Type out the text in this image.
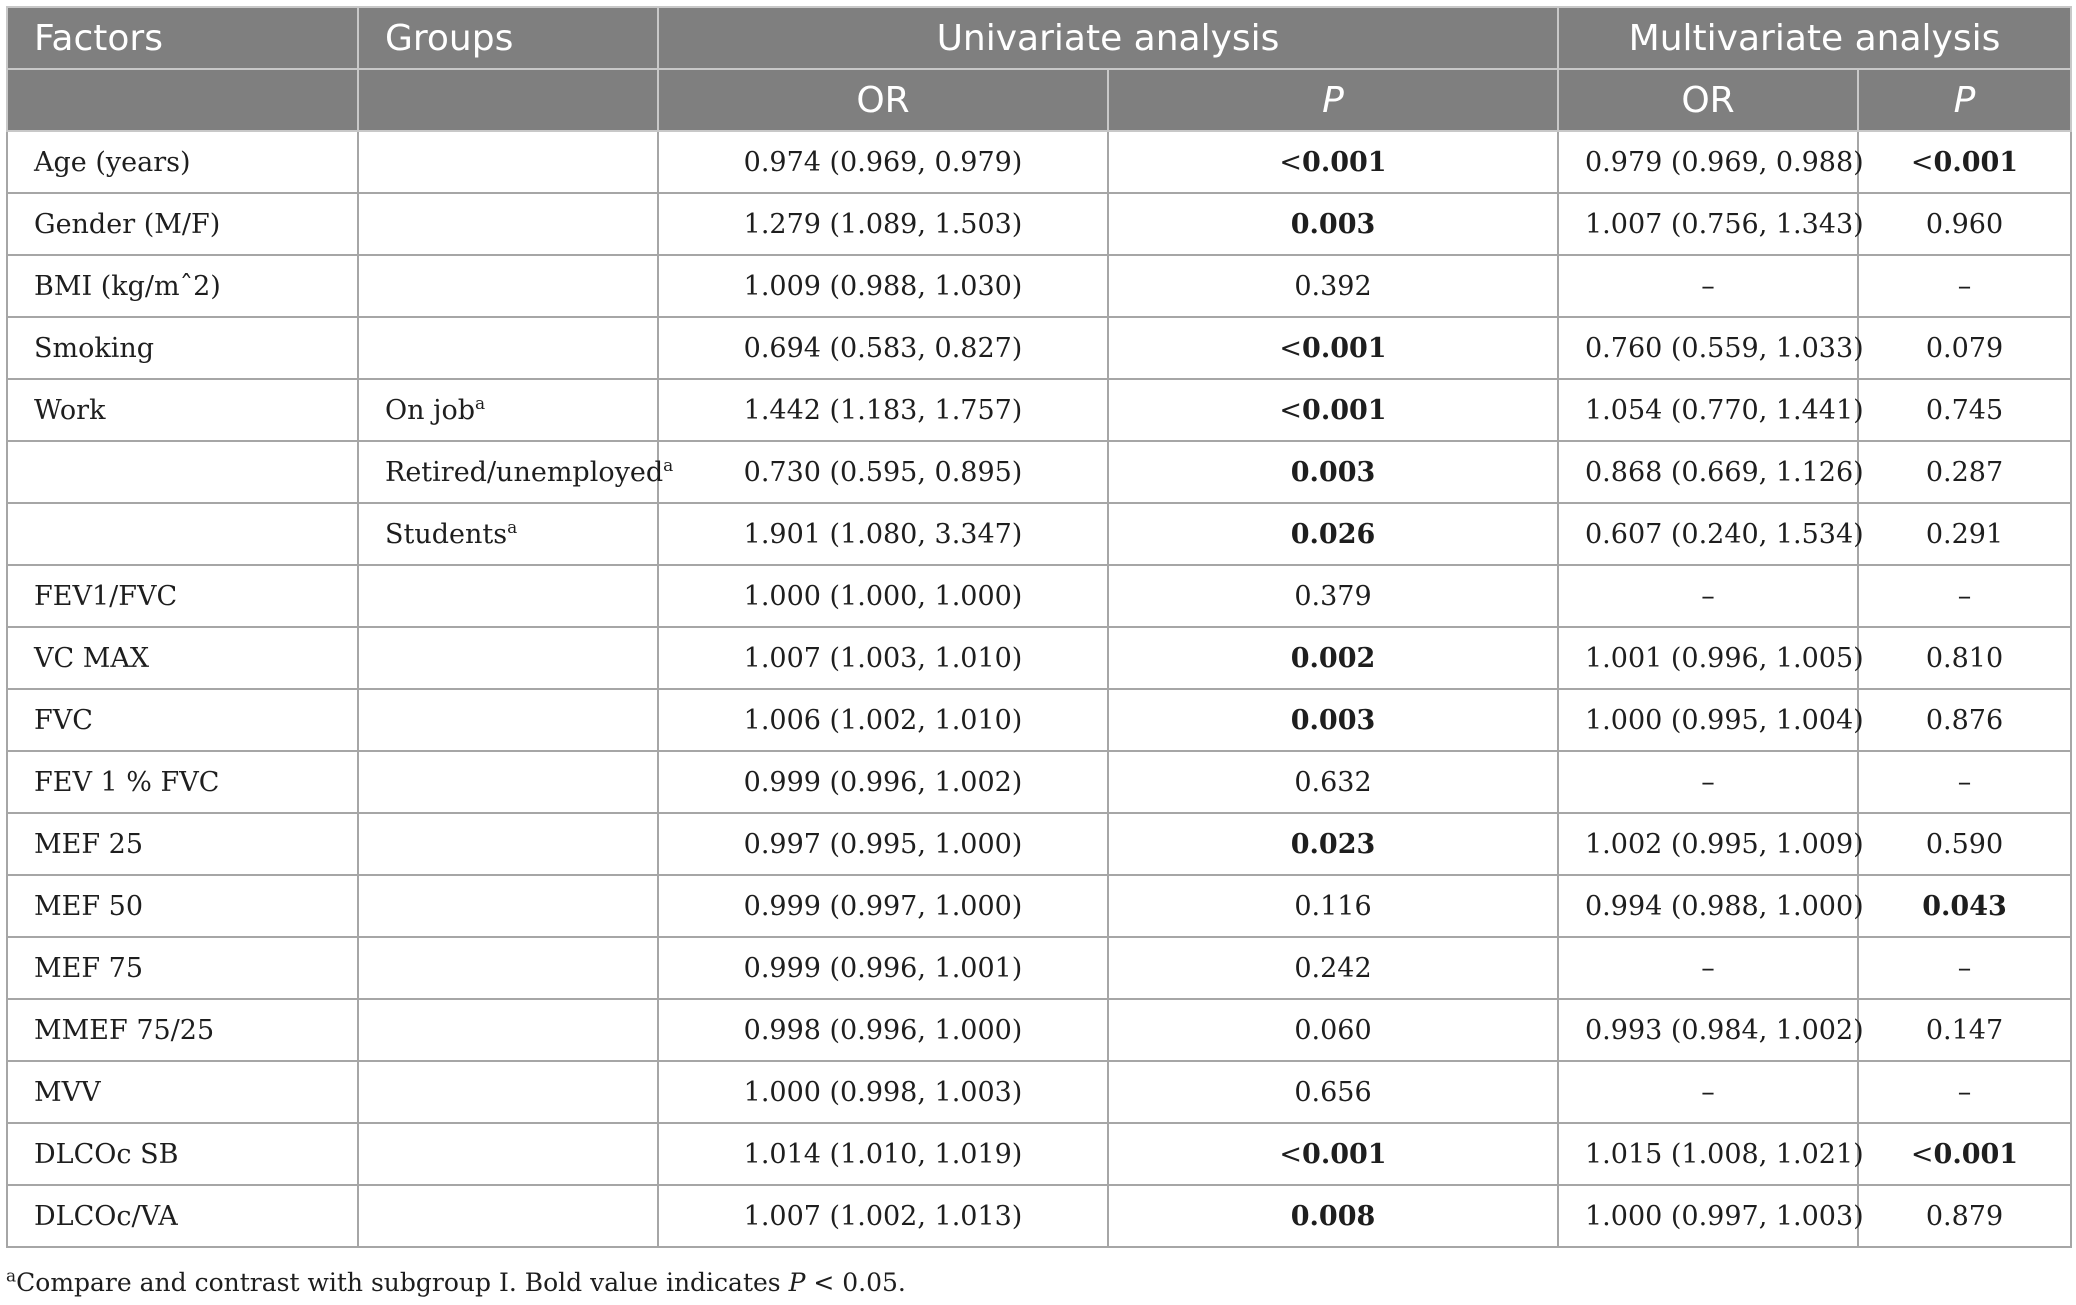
Factors	Groups	Univariate analysis		Multivariate analysis	
		OR	P	OR	P
Age (years)		0.974 (0.969, 0.979)	<0.001	0.979 (0.969, 0.988)	<0.001
Gender (M/F)		1.279 (1.089, 1.503)	0.003	1.007 (0.756, 1.343)	0.960
BMI (kg/mˆ2)		1.009 (0.988, 1.030)	0.392	–	–
Smoking		0.694 (0.583, 0.827)	<0.001	0.760 (0.559, 1.033)	0.079
Work	On job$^a$	1.442 (1.183, 1.757)	<0.001	1.054 (0.770, 1.441)	0.745
	Retired/unemployed$^a$	0.730 (0.595, 0.895)	0.003	0.868 (0.669, 1.126)	0.287
	Students$^a$	1.901 (1.080, 3.347)	0.026	0.607 (0.240, 1.534)	0.291
FEV1/FVC		1.000 (1.000, 1.000)	0.379	–	–
VC MAX		1.007 (1.003, 1.010)	0.002	1.001 (0.996, 1.005)	0.810
FVC		1.006 (1.002, 1.010)	0.003	1.000 (0.995, 1.004)	0.876
FEV 1 % FVC		0.999 (0.996, 1.002)	0.632	–	–
MEF 25		0.997 (0.995, 1.000)	0.023	1.002 (0.995, 1.009)	0.590
MEF 50		0.999 (0.997, 1.000)	0.116	0.994 (0.988, 1.000)	0.043
MEF 75		0.999 (0.996, 1.001)	0.242	–	–
MMEF 75/25		0.998 (0.996, 1.000)	0.060	0.993 (0.984, 1.002)	0.147
MVV		1.000 (0.998, 1.003)	0.656	–	–
DLCOc SB		1.014 (1.010, 1.019)	<0.001	1.015 (1.008, 1.021)	<0.001
DLCOc/VA		1.007 (1.002, 1.013)	0.008	1.000 (0.997, 1.003)	0.879
$^a$Compare and contrast with subgroup I. Bold value indicates P < 0.05.
